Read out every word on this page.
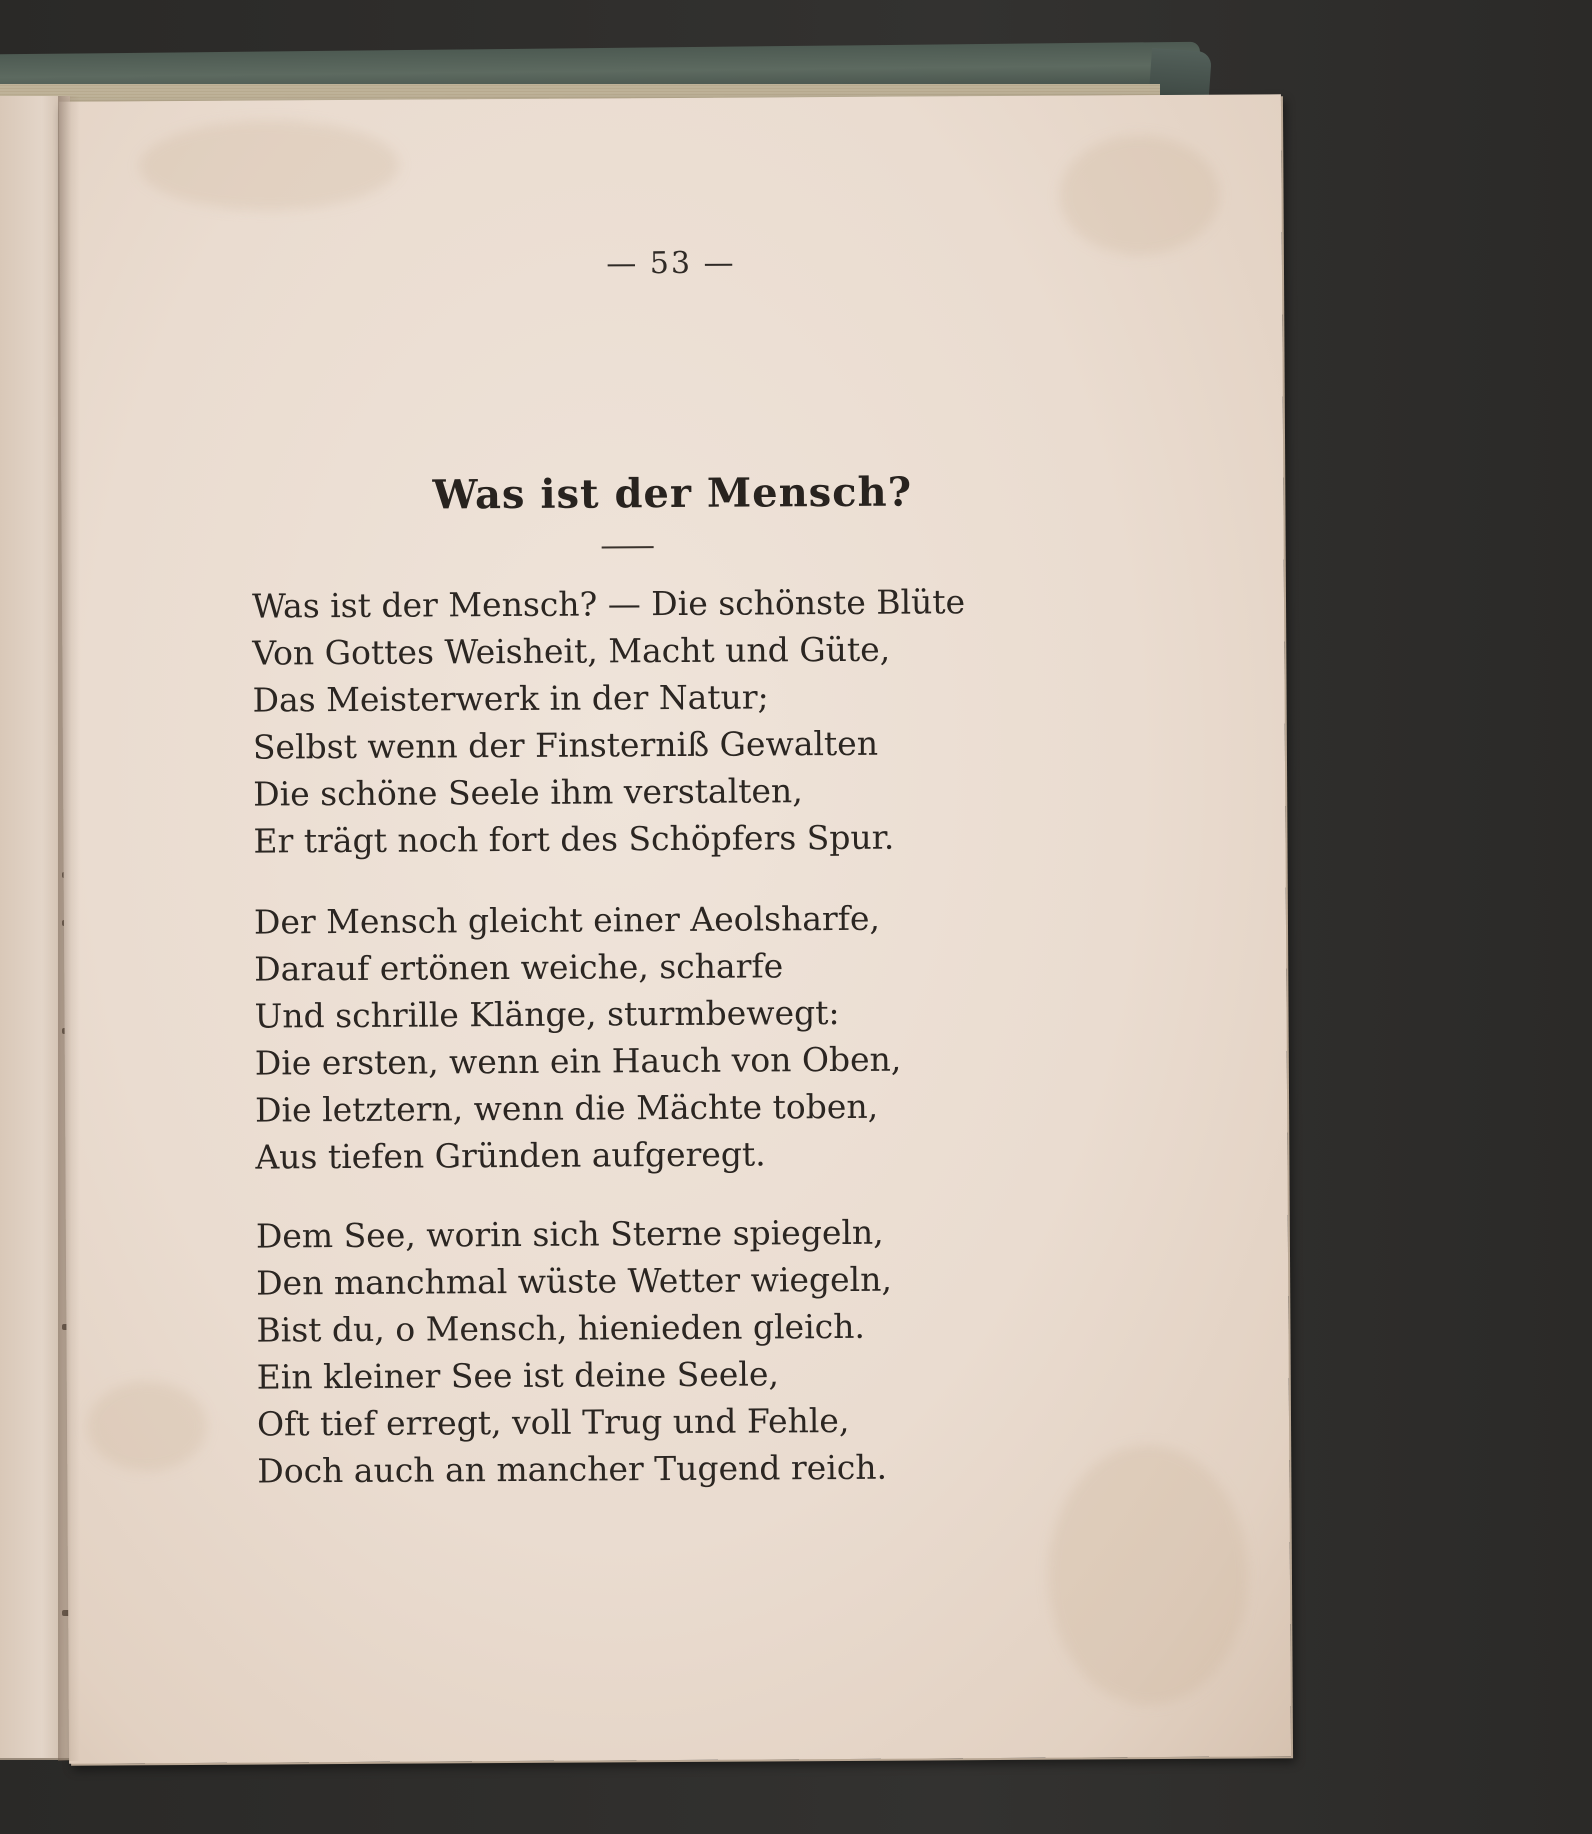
— 53 —
Was ist der Mensch?
Was ist der Mensch? — Die schönste Blüte
Von Gottes Weisheit, Macht und Güte,
Das Meisterwerk in der Natur;
Selbst wenn der Finsterniß Gewalten
Die schöne Seele ihm verstalten,
Er trägt noch fort des Schöpfers Spur.
Der Mensch gleicht einer Aeolsharfe,
Darauf ertönen weiche, scharfe
Und schrille Klänge, sturmbewegt:
Die ersten, wenn ein Hauch von Oben,
Die letztern, wenn die Mächte toben,
Aus tiefen Gründen aufgeregt.
Dem See, worin sich Sterne spiegeln,
Den manchmal wüste Wetter wiegeln,
Bist du, o Mensch, hienieden gleich.
Ein kleiner See ist deine Seele,
Oft tief erregt, voll Trug und Fehle,
Doch auch an mancher Tugend reich.
